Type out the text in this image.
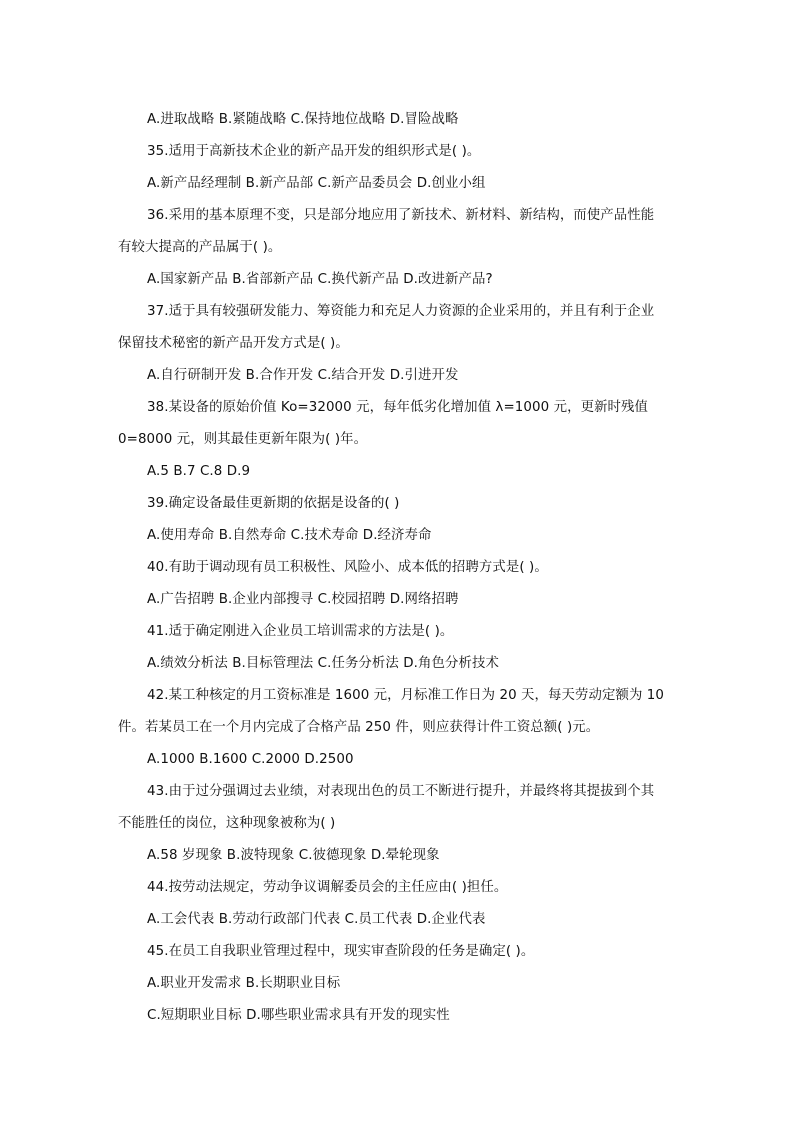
A.进取战略 B.紧随战略 C.保持地位战略 D.冒险战略
35.适用于高新技术企业的新产品开发的组织形式是( )。
A.新产品经理制 B.新产品部 C.新产品委员会 D.创业小组
36.采用的基本原理不变，只是部分地应用了新技术、新材料、新结构，而使产品性能
有较大提高的产品属于( )。
A.国家新产品 B.省部新产品 C.换代新产品 D.改进新产品?
37.适于具有较强研发能力、筹资能力和充足人力资源的企业采用的，并且有利于企业
保留技术秘密的新产品开发方式是( )。
A.自行研制开发 B.合作开发 C.结合开发 D.引进开发
38.某设备的原始价值 Ko=32000 元，每年低劣化增加值 λ=1000 元，更新时残值
0=8000 元，则其最佳更新年限为( )年。
A.5 B.7 C.8 D.9
39.确定设备最佳更新期的依据是设备的( )
A.使用寿命 B.自然寿命 C.技术寿命 D.经济寿命
40.有助于调动现有员工积极性、风险小、成本低的招聘方式是( )。
A.广告招聘 B.企业内部搜寻 C.校园招聘 D.网络招聘
41.适于确定刚进入企业员工培训需求的方法是( )。
A.绩效分析法 B.目标管理法 C.任务分析法 D.角色分析技术
42.某工种核定的月工资标准是 1600 元，月标准工作日为 20 天，每天劳动定额为 10
件。若某员工在一个月内完成了合格产品 250 件，则应获得计件工资总额( )元。
A.1000 B.1600 C.2000 D.2500
43.由于过分强调过去业绩，对表现出色的员工不断进行提升，并最终将其提拔到个其
不能胜任的岗位，这种现象被称为( )
A.58 岁现象 B.波特现象 C.彼德现象 D.晕轮现象
44.按劳动法规定，劳动争议调解委员会的主任应由( )担任。
A.工会代表 B.劳动行政部门代表 C.员工代表 D.企业代表
45.在员工自我职业管理过程中，现实审查阶段的任务是确定( )。
A.职业开发需求 B.长期职业目标
C.短期职业目标 D.哪些职业需求具有开发的现实性
